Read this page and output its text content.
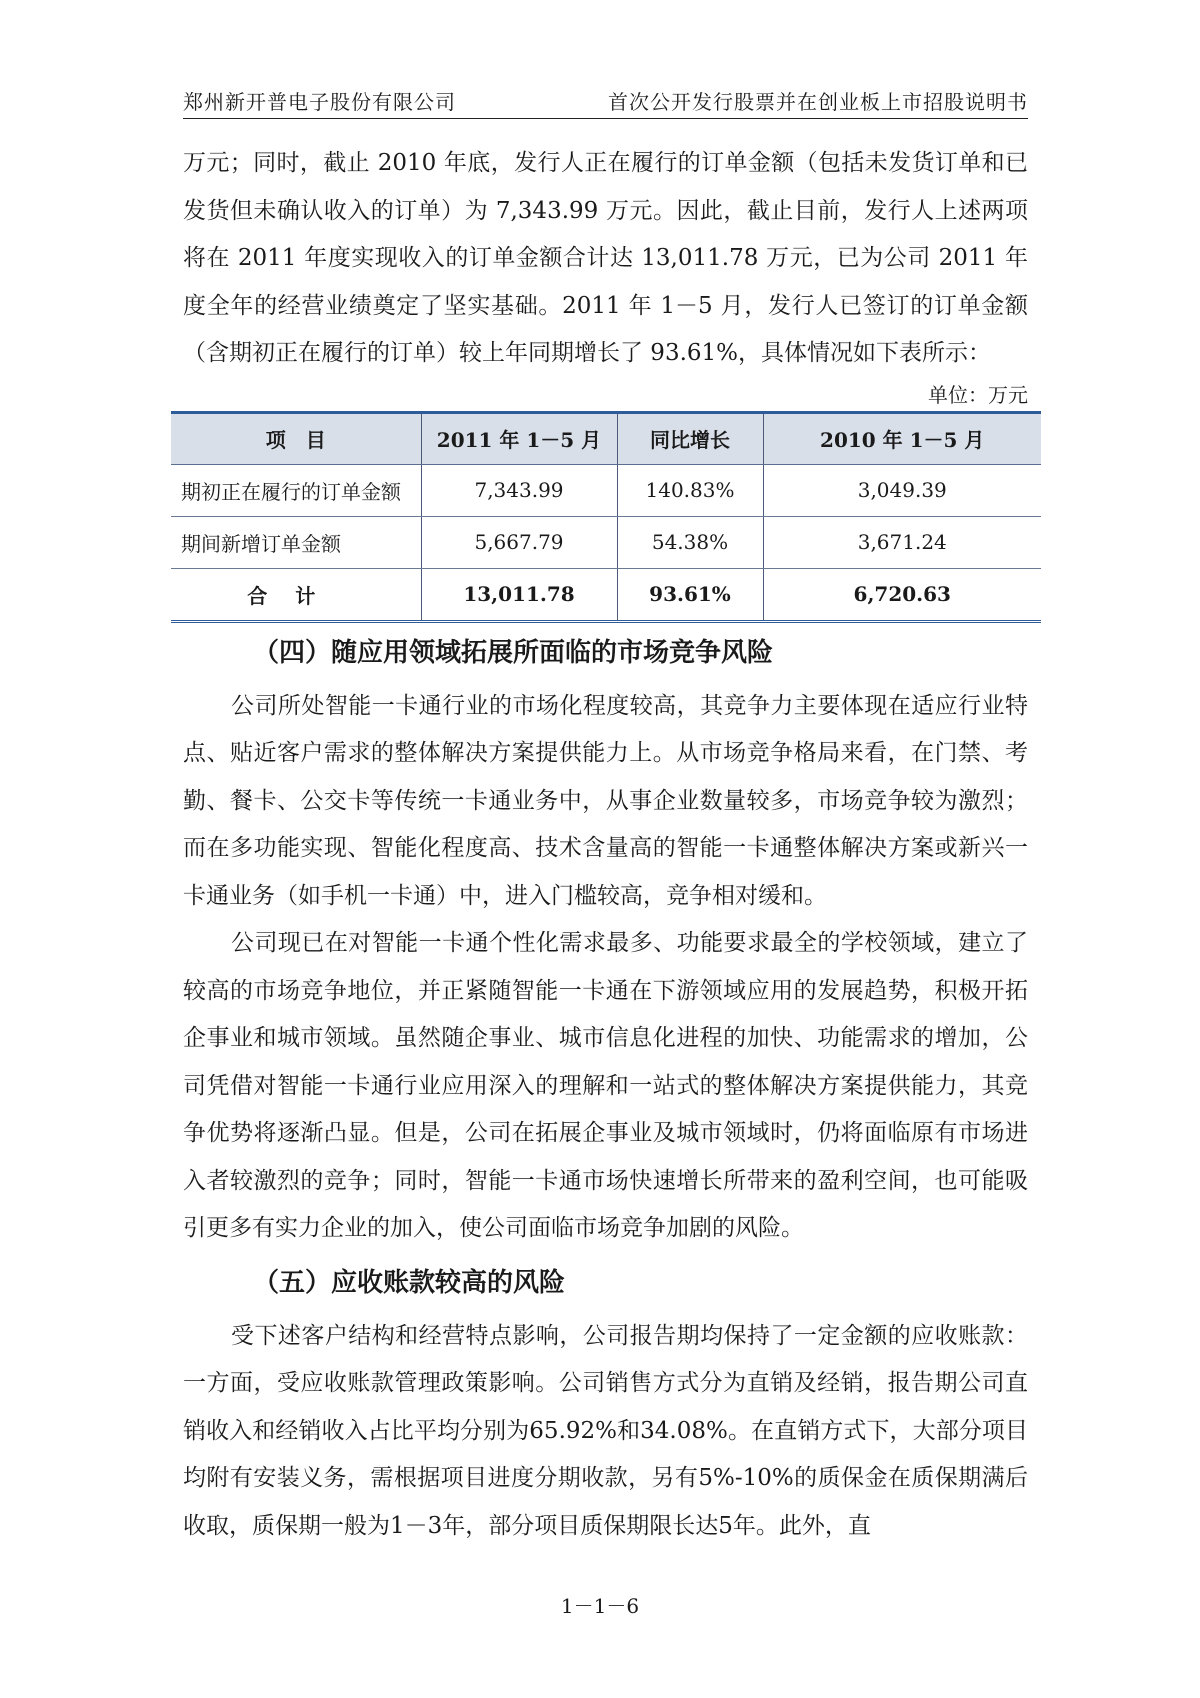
郑州新开普电子股份有限公司	首次公开发行股票并在创业板上市招股说明书

万元；同时，截止 2010 年底，发行人正在履行的订单金额（包括未发货订单和已发货但未确认收入的订单）为 7,343.99 万元。因此，截止目前，发行人上述两项将在 2011 年度实现收入的订单金额合计达 13,011.78 万元，已为公司 2011 年度全年的经营业绩奠定了坚实基础。2011 年 1－5 月，发行人已签订的订单金额（含期初正在履行的订单）较上年同期增长了 93.61%，具体情况如下表所示：

单位：万元
项　目	2011 年 1－5 月	同比增长	2010 年 1－5 月
期初正在履行的订单金额	7,343.99	140.83%	3,049.39
期间新增订单金额	5,667.79	54.38%	3,671.24
合计	13,011.78	93.61%	6,720.63
（四）随应用领域拓展所面临的市场竞争风险

公司所处智能一卡通行业的市场化程度较高，其竞争力主要体现在适应行业特点、贴近客户需求的整体解决方案提供能力上。从市场竞争格局来看，在门禁、考勤、餐卡、公交卡等传统一卡通业务中，从事企业数量较多，市场竞争较为激烈；而在多功能实现、智能化程度高、技术含量高的智能一卡通整体解决方案或新兴一卡通业务（如手机一卡通）中，进入门槛较高，竞争相对缓和。

公司现已在对智能一卡通个性化需求最多、功能要求最全的学校领域，建立了较高的市场竞争地位，并正紧随智能一卡通在下游领域应用的发展趋势，积极开拓企事业和城市领域。虽然随企事业、城市信息化进程的加快、功能需求的增加，公司凭借对智能一卡通行业应用深入的理解和一站式的整体解决方案提供能力，其竞争优势将逐渐凸显。但是，公司在拓展企事业及城市领域时，仍将面临原有市场进入者较激烈的竞争；同时，智能一卡通市场快速增长所带来的盈利空间，也可能吸引更多有实力企业的加入，使公司面临市场竞争加剧的风险。

（五）应收账款较高的风险

受下述客户结构和经营特点影响，公司报告期均保持了一定金额的应收账款：一方面，受应收账款管理政策影响。公司销售方式分为直销及经销，报告期公司直销收入和经销收入占比平均分别为65.92%和34.08%。在直销方式下，大部分项目均附有安装义务，需根据项目进度分期收款，另有5%-10%的质保金在质保期满后收取，质保期一般为1－3年，部分项目质保期限长达5年。此外，直

1－1－6
